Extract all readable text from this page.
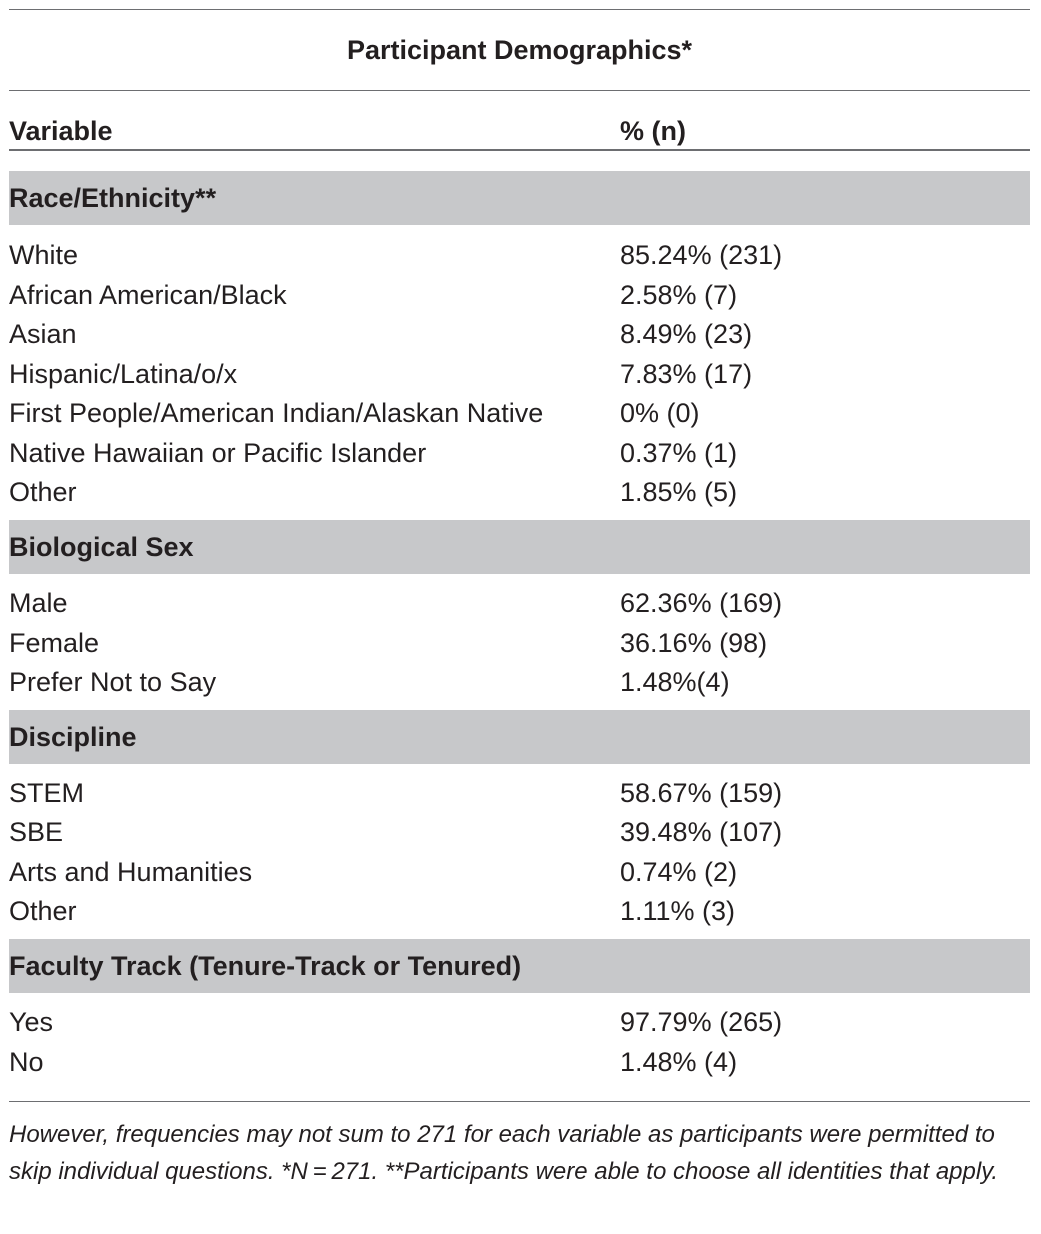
Participant Demographics*
Variable	% (n)
Race/Ethnicity**
White	85.24% (231)
African American/Black	2.58% (7)
Asian	8.49% (23)
Hispanic/Latina/o/x	7.83% (17)
First People/American Indian/Alaskan Native	0% (0)
Native Hawaiian or Pacific Islander	0.37% (1)
Other	1.85% (5)
Biological Sex
Male	62.36% (169)
Female	36.16% (98)
Prefer Not to Say	1.48%(4)
Discipline
STEM	58.67% (159)
SBE	39.48% (107)
Arts and Humanities	0.74% (2)
Other	1.11% (3)
Faculty Track (Tenure-Track or Tenured)
Yes	97.79% (265)
No	1.48% (4)
However, frequencies may not sum to 271 for each variable as participants were permitted to skip individual questions. *N = 271. **Participants were able to choose all identities that apply.
